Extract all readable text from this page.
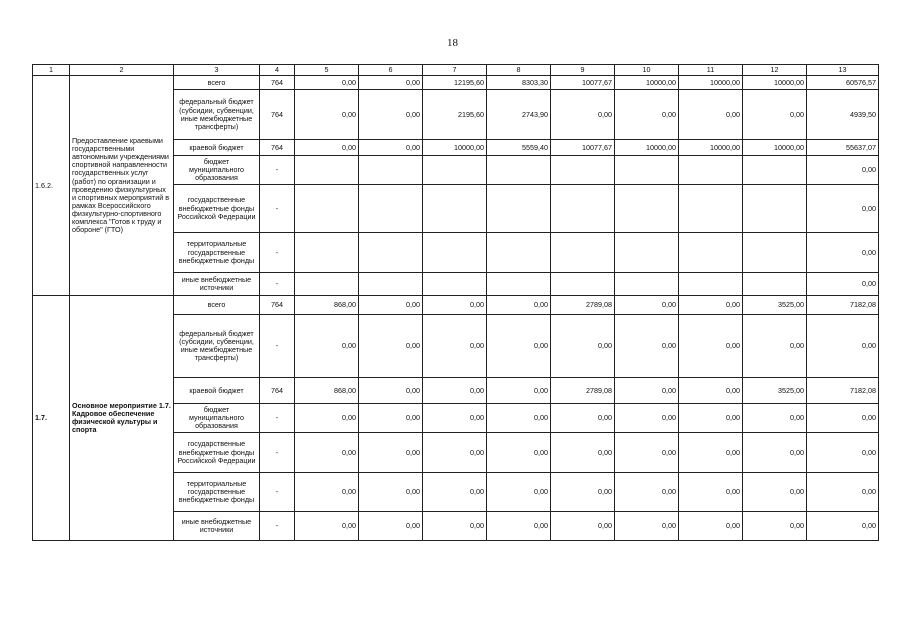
18
1	2	3	4	5	6	7	8	9	10	11	12	13
1.6.2.	Предоставление краевыми государственными автономными учреждениями спортивной направленности государственных услуг (работ) по организации и проведению физкультурных и спортивных мероприятий в рамках Всероссийского физкультурно-спортивного комплекса "Готов к труду и обороне" (ГТО)	всего	764	0,00	0,00	12195,60	8303,30	10077,67	10000,00	10000,00	10000,00	60576,57
		федеральный бюджет (субсидии, субвенции, иные межбюджетные трансферты)	764	0,00	0,00	2195,60	2743,90	0,00	0,00	0,00	0,00	4939,50
		краевой бюджет	764	0,00	0,00	10000,00	5559,40	10077,67	10000,00	10000,00	10000,00	55637,07
		бюджет муниципального образования	-									0,00
		государственные внебюджетные фонды Российской Федерации	-									0,00
		территориальные государственные внебюджетные фонды	-									0,00
		иные внебюджетные источники	-									0,00
1.7.	Основное мероприятие 1.7. Кадровое обеспечение физической культуры и спорта	всего	764	868,00	0,00	0,00	0,00	2789,08	0,00	0,00	3525,00	7182,08
		федеральный бюджет (субсидии, субвенции, иные межбюджетные трансферты)	-	0,00	0,00	0,00	0,00	0,00	0,00	0,00	0,00	0,00
		краевой бюджет	764	868,00	0,00	0,00	0,00	2789,08	0,00	0,00	3525,00	7182,08
		бюджет муниципального образования	-	0,00	0,00	0,00	0,00	0,00	0,00	0,00	0,00	0,00
		государственные внебюджетные фонды Российской Федерации	-	0,00	0,00	0,00	0,00	0,00	0,00	0,00	0,00	0,00
		территориальные государственные внебюджетные фонды	-	0,00	0,00	0,00	0,00	0,00	0,00	0,00	0,00	0,00
		иные внебюджетные источники	-	0,00	0,00	0,00	0,00	0,00	0,00	0,00	0,00	0,00
